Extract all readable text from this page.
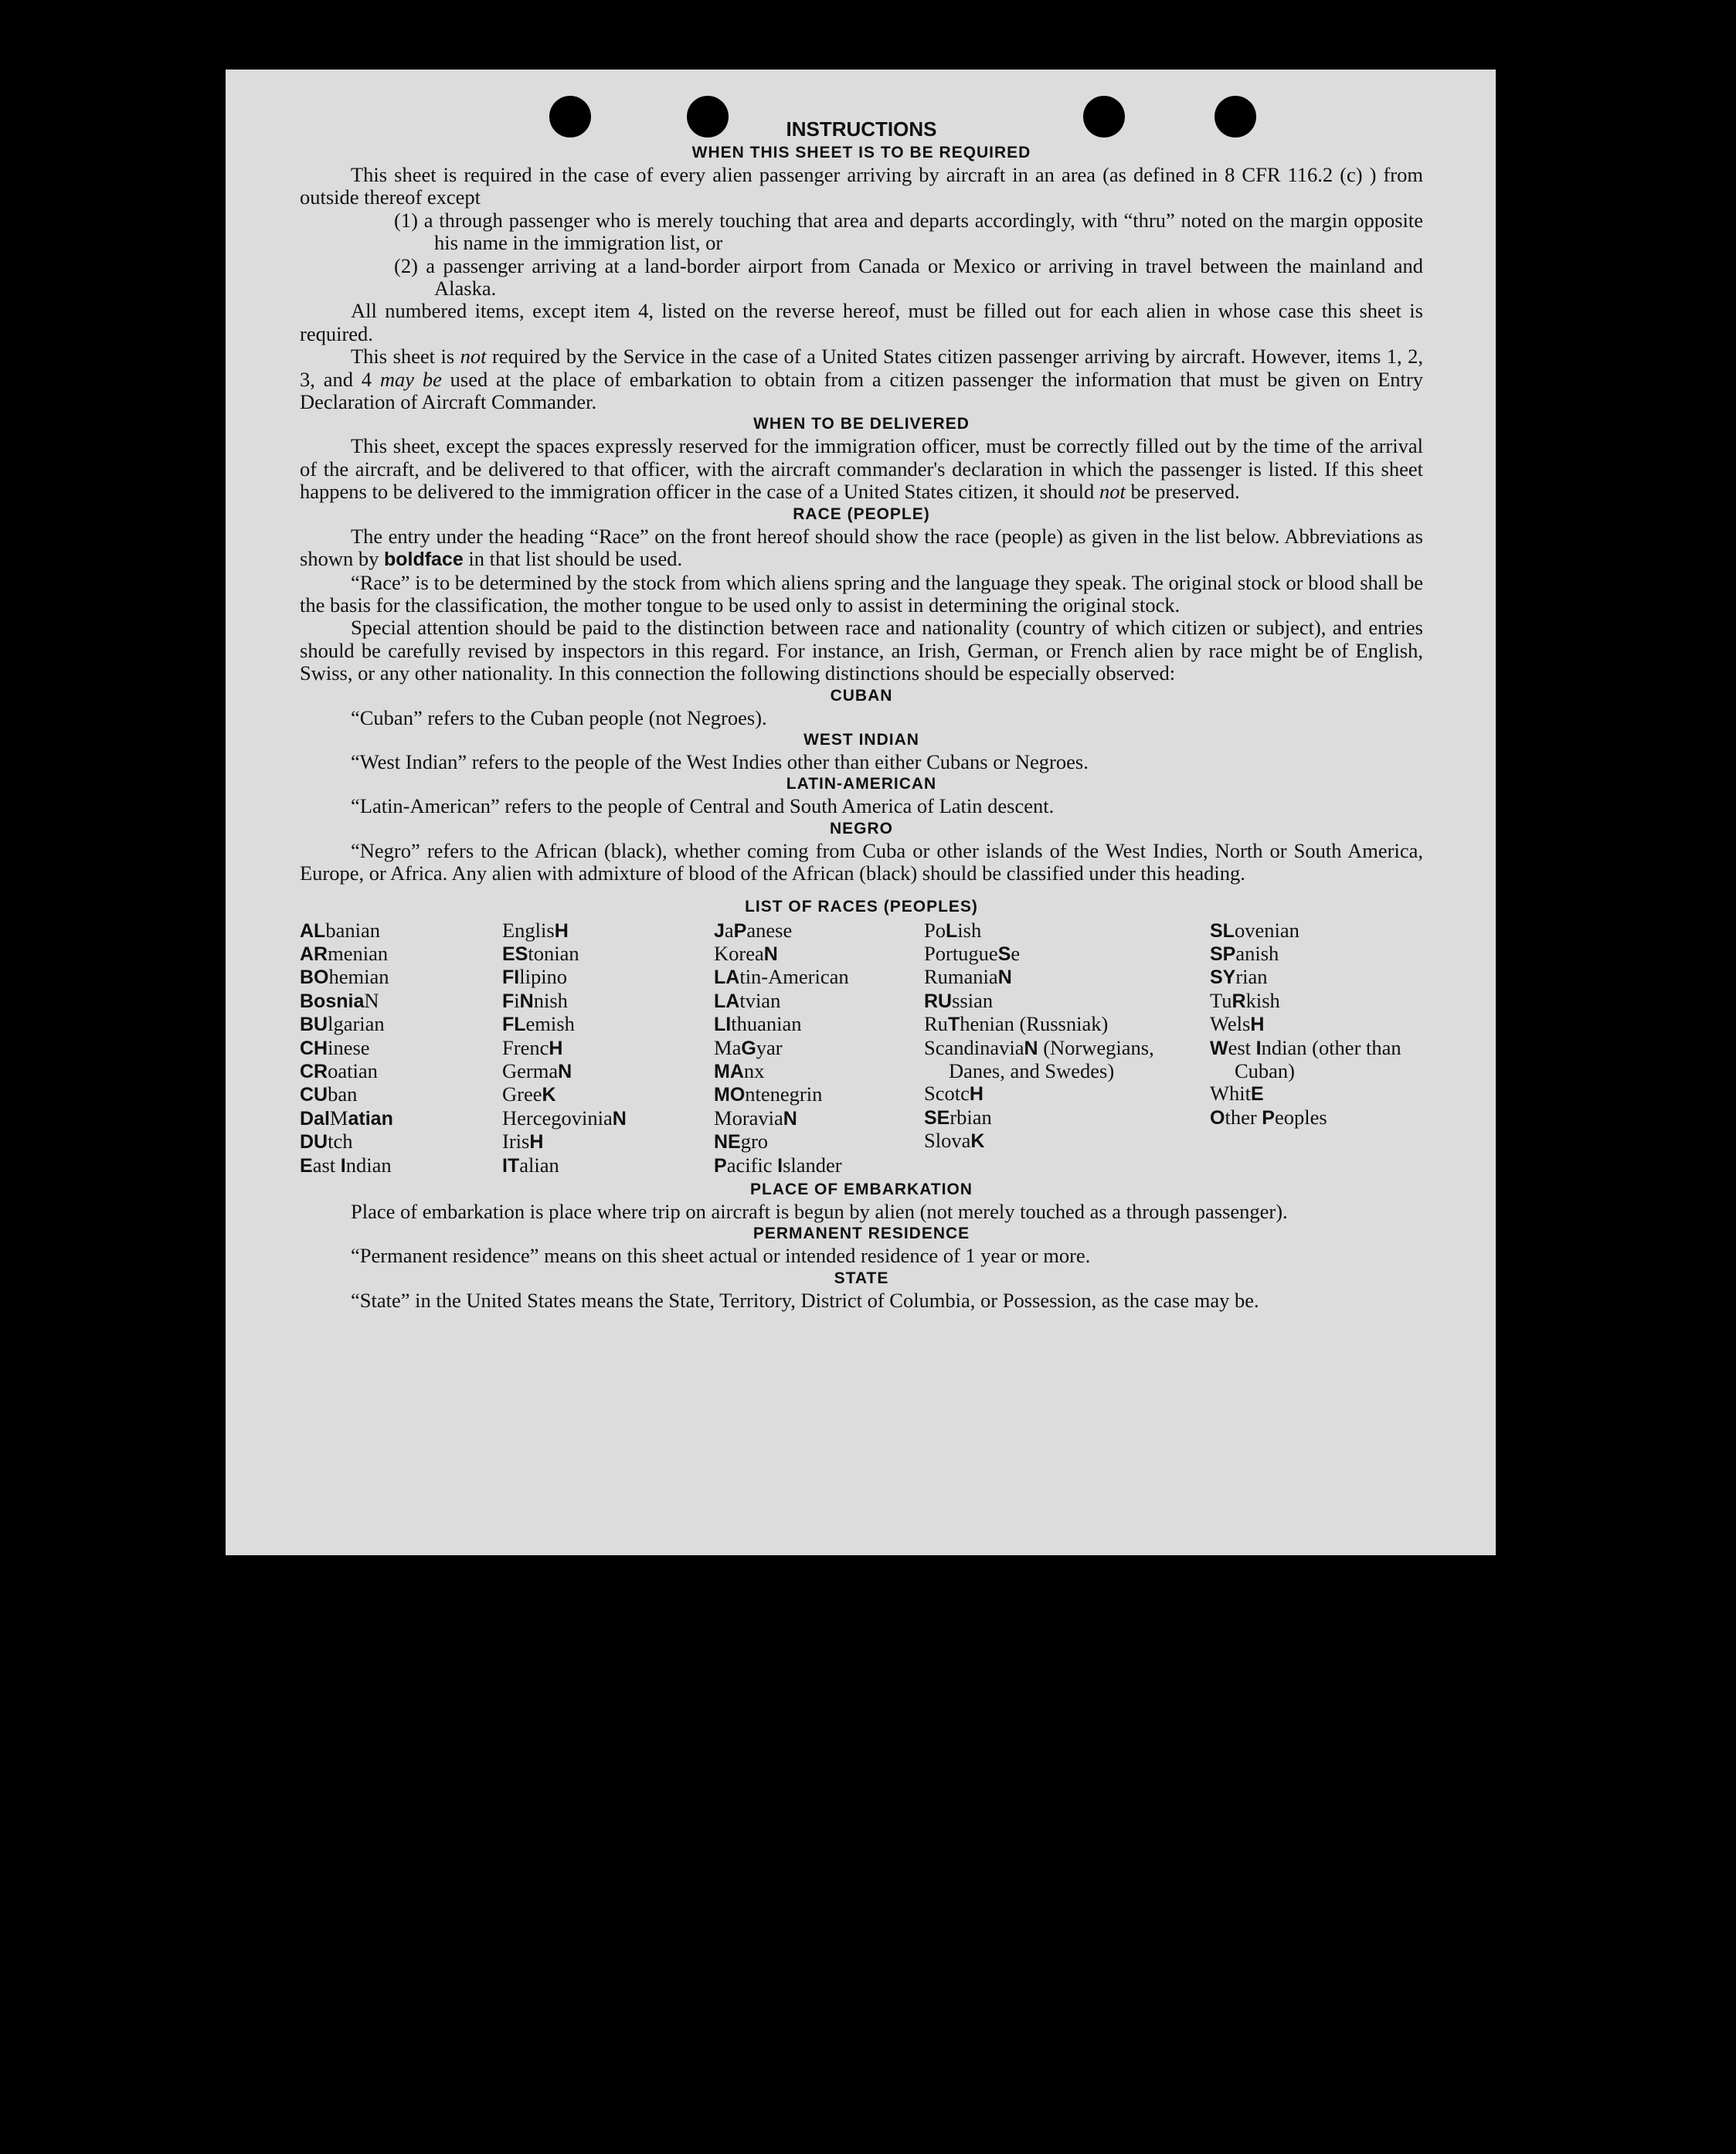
INSTRUCTIONS
WHEN THIS SHEET IS TO BE REQUIRED

This sheet is required in the case of every alien passenger arriving by aircraft in an area (as defined in 8 CFR 116.2 (c) ) from outside thereof except

(1) a through passenger who is merely touching that area and departs accordingly, with “thru” noted on the margin opposite his name in the immigration list, or

(2) a passenger arriving at a land-border airport from Canada or Mexico or arriving in travel between the mainland and Alaska.

All numbered items, except item 4, listed on the reverse hereof, must be filled out for each alien in whose case this sheet is required.

This sheet is not required by the Service in the case of a United States citizen passenger arriving by aircraft. However, items 1, 2, 3, and 4 may be used at the place of embarkation to obtain from a citizen passenger the information that must be given on Entry Declaration of Aircraft Commander.

WHEN TO BE DELIVERED

This sheet, except the spaces expressly reserved for the immigration officer, must be correctly filled out by the time of the arrival of the aircraft, and be delivered to that officer, with the aircraft commander's declaration in which the passenger is listed. If this sheet happens to be delivered to the immigration officer in the case of a United States citizen, it should not be preserved.

RACE (PEOPLE)

The entry under the heading “Race” on the front hereof should show the race (people) as given in the list below. Abbreviations as shown by boldface in that list should be used.

“Race” is to be determined by the stock from which aliens spring and the language they speak. The original stock or blood shall be the basis for the classification, the mother tongue to be used only to assist in determining the original stock.

Special attention should be paid to the distinction between race and nationality (country of which citizen or subject), and entries should be carefully revised by inspectors in this regard. For instance, an Irish, German, or French alien by race might be of English, Swiss, or any other nationality. In this connection the following distinctions should be especially observed:

CUBAN

“Cuban” refers to the Cuban people (not Negroes).

WEST INDIAN

“West Indian” refers to the people of the West Indies other than either Cubans or Negroes.

LATIN-AMERICAN

“Latin-American” refers to the people of Central and South America of Latin descent.

NEGRO

“Negro” refers to the African (black), whether coming from Cuba or other islands of the West Indies, North or South America, Europe, or Africa. Any alien with admixture of blood of the African (black) should be classified under this heading.

LIST OF RACES (PEOPLES)
ALbanian
ARmenian
BOhemian
BosniaN
BUlgarian
CHinese
CRoatian
CUban
DalMatian
DUtch
East Indian
EnglisH
EStonian
FIlipino
FiNnish
FLemish
FrencH
GermaN
GreeK
HercegoviniaN
IrisH
ITalian
JaPanese
KoreaN
LAtin-American
LAtvian
LIthuanian
MaGyar
MAnx
MOntenegrin
MoraviaN
NEgro
Pacific Islander
PoLish
PortugueSe
RumaniaN
RUssian
RuThenian (Russniak)
ScandinaviaN (Norwegians, Danes, and Swedes)
ScotcH
SErbian
SlovaK
SLovenian
SPanish
SYrian
TuRkish
WelsH
West Indian (other than Cuban)
WhitE
Other Peoples
PLACE OF EMBARKATION

Place of embarkation is place where trip on aircraft is begun by alien (not merely touched as a through passenger).

PERMANENT RESIDENCE

“Permanent residence” means on this sheet actual or intended residence of 1 year or more.

STATE

“State” in the United States means the State, Territory, District of Columbia, or Possession, as the case may be.
